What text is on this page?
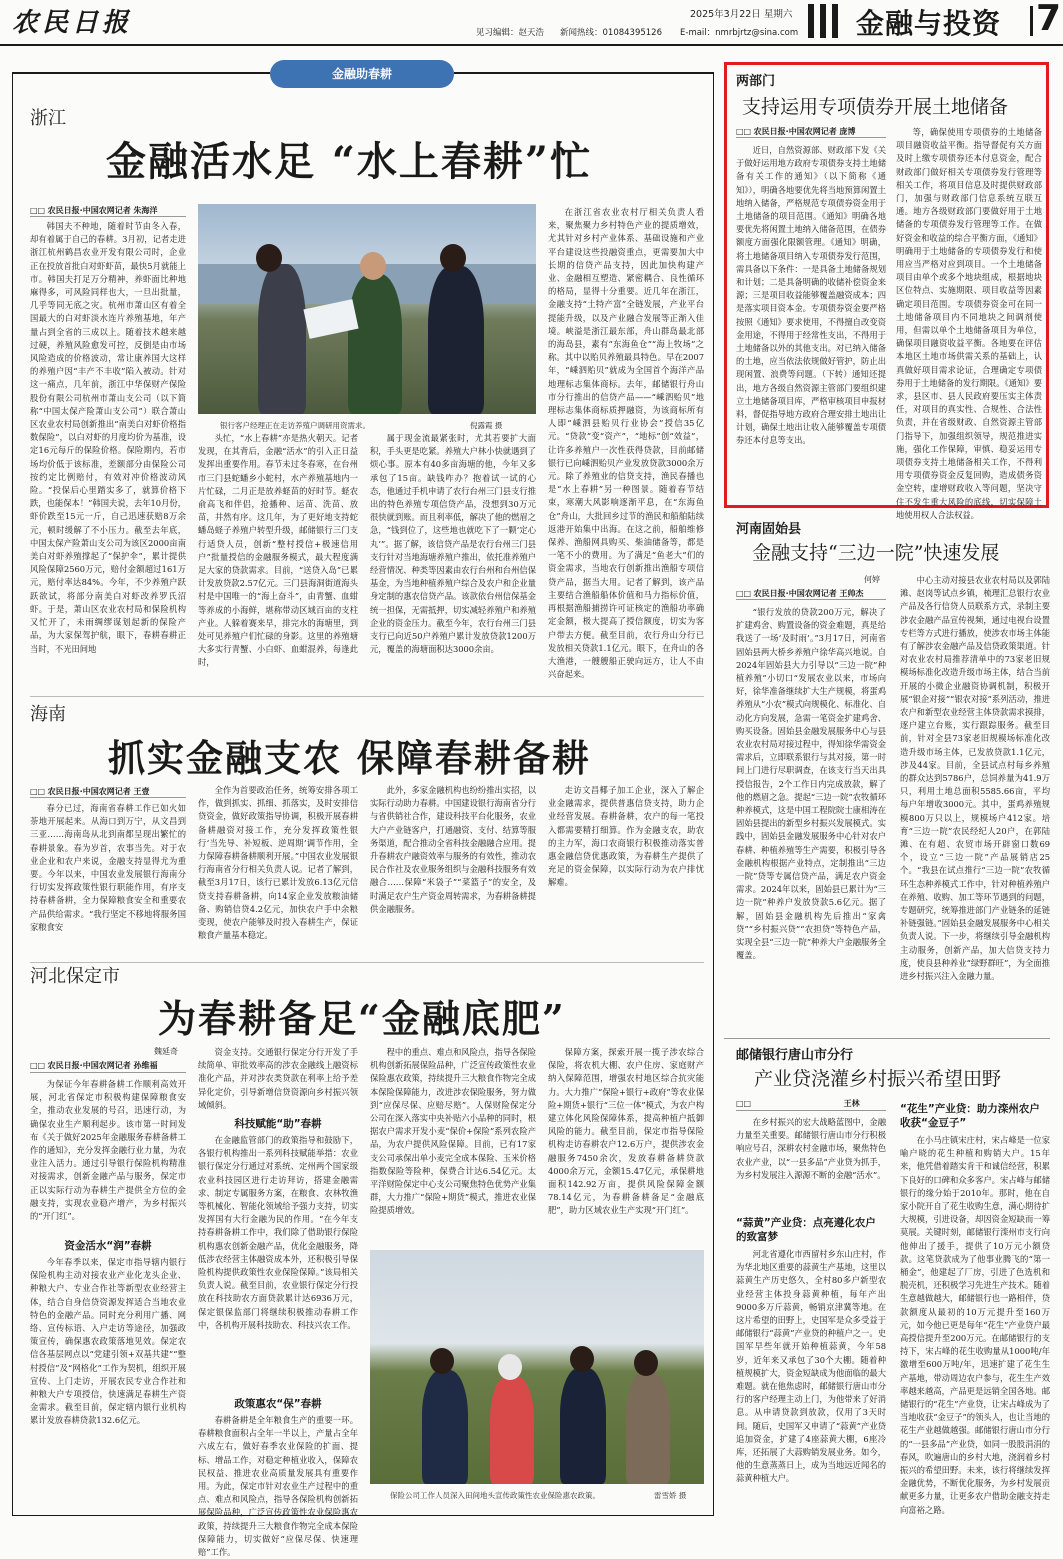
农民日报	2025年3月22日 星期六
见习编辑：赵天浩 新闻热线：01084395126 E-mail：nmrbjrtz@sina.com 金融与投资 7
金融助春耕
浙江
金融活水足 “水上春耕”忙
□□ 农民日报·中国农网记者 朱海洋

韩国夫不种地，随着时节由冬入春，却有着属于自己的春耕。3月初，记者走进浙江杭州鹤昌农业开发有限公司时，企业正在投放首批白对虾虾苗，最快5月就能上市。韩国夫打足万分精神，养虾面比种地麻得多，可风险同样也大，一旦出批量，几乎等同无底之灾。杭州市萧山区有着全国最大的白对虾淡水连片养殖基地，年产量占到全省的三成以上。随着技术越来越过硬，养殖风险愈发可控，反倒是由市场风险造成的价格波动，常让康养国大这样的养殖户因“丰产不丰收”陷入被动。针对这一痛点，几年前，浙江中华保财产保险股份有限公司杭州市萧山支公司（以下简称“中国太保产险萧山支公司”）联合萧山区农业农村局创新推出“南美白对虾价格指数保险”，以白对虾的月度均价为基准，设定16元每斤的保险价格。保险期内，若市场均价低于该标准，差额部分由保险公司按约定比例赔付，有效对冲价格波动风险。“投保后心里踏实多了，就算价格下跌，也能保本！”韩国夫说，去年10月份，虾价跌至15元一斤，自己迅速获赔8万余元，顿时缓解了不小压力。截至去年底，中国太保产险萧山支公司为该区2000亩南美白对虾养殖撑起了“保护伞”，累计提供风险保障2560万元，赔付金额超过161万元，赔付率达84%。今年，不少养殖户跃跃欲试，将部分南美白对虾改养罗氏沼虾。于是，萧山区农业农村局和保险机构又忙开了，未雨绸缪谋划起新的保险产品，为大家保驾护航，眼下，春耕春耕正当时，不光田间地

银行客户经理正在走访养殖户调研用资需求。	倪露霞 摄

头忙，“水上春耕”亦是热火朝天。记者发现，在其背后，金融“活水”的引入正日益发挥出重要作用。春节未过冬春寒，在台州市三门县蛇蟠乡小蛇村，水产养殖基地内一片忙碌，二月正是放养蛏苗的好时节。蛏农俞高飞和伴侣，抢播种、运苗、洗苗、放苗，井然有序。这几年，为了更好地支持蛇蟠岛蛏子养殖户转型升级，邮储银行三门支行适贷人员，创新“整村授信+极速信用户”批量授信的金融服务模式，最大程度满足大家的贷款需求。目前，“送贷入岛”已累计发放贷款2.57亿元。三门县海洞街道海头村是中国唯一的“海上奋斗”，由青蟹、血蚶等养成的小海鲜，堪称带动区域百亩的支柱产业。人躲着赛来早，排完水的海塘里，到处可见养殖户们忙碌的身影。这里的养殖塘大多实行青蟹、小白虾、血蚶混养，每逢此时，

属于现金流最紧张时，尤其若要扩大面积，手头更是吃紧。养殖大户林小快就遇到了烦心事。原本有40多亩海塘的他，今年又多承包了15亩。缺钱咋办？抱着试一试的心态，他通过手机申请了农行台州三门县支行推出的特色养殖专项信贷产品，没想到30万元很快就到账。而且利率低，解决了他的燃眉之急，“钱到位了，这些地也就吃下了一颗‘定心丸’”。据了解，该信贷产品是农行台州三门县支行针对当地海塘养殖户推出，依托准养殖户经营情况、种类等因素由农行台州和台州信保基金，为当地种植养殖户综合及农户和企业量身定制的惠农信贷产品。该款依台州信保基金统一担保，无需抵押，切实减轻养殖户和养殖企业的资金压力。截至今年，农行台州三门县支行已向近50户养殖户累计发放贷款1200万元，覆盖的海塘面积达3000余亩。

在浙江省农业农村厅相关负责人看来，聚焦聚力乡村特色产业的提质增效，尤其针对乡村产业体系、基础设施和产业平台建设这些投融资重点，更需要加大中长期的信贷产品支持，因此加快构建产业、金融相互塑造、紧密耦合、良性循环的格局，显得十分重要。近几年在浙江，金融支持“土特产富”全链发展，产业平台提能升级，以及产业融合发展等正渐入佳境。峡溢是浙江最东部，舟山群岛最北部的海岛县，素有“东海鱼仓”“海上牧场”之称。其中以贻贝养殖最具特色。早在2007年，“嵊泗贻贝”就成为全国首个海洋产品地理标志集体商标。去年，邮储银行舟山市分行推出的信贷产品——“嵊泗贻贝”地理标志集体商标质押融资，为该商标所有人即“嵊泗县贻贝行业协会”授信35亿元。“贷款”变“资产”，“地标”创“效益”，让许多养殖户一次性获得贷款，目前邮储银行已向嵊泗贻贝产业发放贷款3000余万元。除了养殖业的信贷支持，渔民春播也是“水上春耕”另一种图景。随着春节结束，寒潮大风影响逐渐平息，在“东海鱼仓”舟山，大批回乡过节的渔民和船舶陆续返港开始集中出海。在这之前，船舶维修保养、渔船网具购买、柴油储备等，都是一笔不小的费用。为了满足“鱼老大”们的资金需求，当地农行创新推出渔船专项信贷产品，据当大用。记者了解到，该产品主要结合渔船船体价值和马力指标价值，再根据渔船捕捞许可证核定的渔船功率确定金额，极大提高了授信额度，切实为客户带去方便。截至目前，农行舟山分行已发放相关贷款1.1亿元。眼下，在舟山的各大渔港，一艘艘船正驶向远方，让人不由兴奋起来。

海南
抓实金融支农 保障春耕备耕
□□ 农民日报·中国农网记者 王壹

春分已过，海南省春耕工作已如火如荼地开展起来。从海口到万宁，从文昌到三亚……海南岛从北到南都呈现出繁忙的春耕景象。春为岁首，农事当先。对于农业企业和农户来说，金融支持显得尤为重要。今年以来，中国农业发展银行海南分行切实发挥政策性银行职能作用，有序支持春耕备耕，全力保障粮食安全和重要农产品供给需求。“我行坚定不移地将服务国家粮食安

全作为首要政治任务，统筹安排各项工作，做到抓实、抓细、抓落实，及时安排信贷资金，做好政策指导协调，积极开展春耕备耕融资对接工作，充分发挥政策性银行‘当先导、补短板、逆周期’调节作用，全力保障春耕备耕顺利开展。”中国农业发展银行海南省分行相关负责人说。记者了解到，截至3月17日，该行已累计发放6.13亿元信贷支持春耕备耕，向14家企业发放粮油储备、购销信贷4.2亿元，加快农户手中余粮变现，使农户能够及时投入春耕生产，保证粮食产量基本稳定。

此外，多家金融机构也纷纷推出实招，以实际行动助力春耕。中国建设银行海南省分行与省供销社合作，建设科技平台化服务，农业大户产业链客户，打通融资、支付、结算等服务渠道，配合推动全省科技金融融合应用。提升春耕农户融资效率与服务的有效性，推动农民合作社及农业服务组织与金融科技服务有效融合……保障“米袋子”“菜篮子”的安全，及时满足农户生产资金周转需求，为春耕备耕提供金融服务。

走访文昌椰子加工企业，深入了解企业金融需求，提供普惠信贷支持，助力企业经营发展。春耕备耕，农户的每一笔投入都需要精打细算。作为金融支农，助农的主力军，海口农商银行积极推动落实普惠金融信贷优惠政策，为春耕生产提供了充足的资金保障，以实际行动为农户排忧解难。

河北保定市
为春耕备足“金融底肥”
魏延奇
□□ 农民日报·中国农网记者 孙维福

为保证今年春耕备耕工作顺利高效开展，河北省保定市积极构建保障粮食安全，推动农业发展的号召，迅速行动，为确保农业生产顺利起步。该市第一时间发布《关于做好2025年金融服务春耕备耕工作的通知》，充分发挥金融行业力量，为农业注入活力。通过引导银行保险机构精准对接需求，创新金融产品与服务，保定市正以实际行动为春耕生产提供全方位的金融支持，实现农业稳产增产，为乡村振兴的“开门红”。

资金活水“润”春耕

今年春季以来，保定市指导辖内银行保险机构主动对接农业产业化龙头企业、种粮大户、专业合作社等新型农业经营主体，结合自身信贷资源发挥适合当地农业特色的金融产品。同时充分利用广播、网络、宣传标语、入户走访等途径，加强政策宣传，确保惠农政策落地见效。保定农信各基层网点以“党建引领+双基共建”“整村授信”及“网格化”工作为契机，组织开展宣传、上门走访，开展农民专业合作社和种粮大户专项授信，快速满足春耕生产资金需求。截至目前，保定辖内银行业机构累计发放春耕贷款132.6亿元。

资金支持。交通银行保定分行开发了手续简单、审批效率高的涉农金融线上融资标准化产品，并对涉农类贷款在利率上给予差异化定价，引导新增信贷资源向乡村振兴领域倾斜。

科技赋能“助”春耕

在金融监管部门的政策指导和鼓励下，各银行机构推出一系列科技赋能举措：农业银行保定分行通过对系统、定州两个国家级农业科技园区进行走访拜访，搭建金融需求、制定专属服务方案，在粮食、农林牧渔等机械化、智能化领域给予强力支持，切实发挥国有大行金融为民的作用。“在今年支持春耕备耕工作中，我们除了借助银行保险机构惠农创新金融产品，优化金融服务，降低涉农经营主体融资成本外，还积极引导保险机构提供政策性农业保险保障。”该局相关负责人说。截至目前，农业银行保定分行投放在科技助农方面贷款累计达6936万元，保定银保监部门将继续积极推动春耕工作中，各机构开展科技助农、科技兴农工作。

政策惠农“保”春耕

春耕备耕是全年粮食生产的重要一环。春耕粮食面积占全年一半以上，产量占全年六成左右，做好春季农业保险的扩面、提标、增品工作，对稳定种植业收入，保障农民权益、推进农业高质量发展具有重要作用。为此，保定市针对农业生产过程中的重点、难点和风险点，指导各保险机构创新拓展保险品种，广泛宣传政策性农业保险惠农政策，持续提升三大粮食作物完全成本保险保障能力，切实做好“应保尽保、快速理赔”工作。

程中的重点、难点和风险点，指导各保险机构创新拓展保险品种，广泛宣传政策性农业保险惠农政策，持续提升三大粮食作物完全成本保险保障能力，改进涉农保险服务，努力做到“应保尽保、应赔尽赔”。人保财险保定分公司在深入落实中央补贴六小品种的同时，根据农户需求开发小麦“保价+保险”系列农险产品，为农户提供风险保障。目前，已有17家支公司承保出单小麦完全成本保险、玉米价格指数保险等险种，保费合计达6.54亿元。太平洋财险保定中心支公司聚焦特色优势产业集群，大力推广“保险+期货”模式，推进农业保险提质增效。

保障方案，探索开展一揽子涉农综合保险，将农机大棚、农户住房、家庭财产纳入保障范围，增强农村地区综合抗灾能力。大力推广“保险+银行+政府”等农业保险+期货+银行“三位一体”模式，为农户构建立体化风险保障体系，提高种植户抵御风险的能力。截至目前，保定市指导保险机构走访春耕农户12.6万户，提供涉农金融服务7450余次，发放春耕备耕贷款4000余万元，金额15.47亿元，承保耕地面积142.92万亩，提供风险保障金额78.14亿元，为春耕备耕备足“金融底肥”，助力区域农业生产实现“开门红”。

保险公司工作人员深入田间地头宣传政策性农业保险惠农政策。	雷雪娇 摄
两部门
支持运用专项债券开展土地储备
□□ 农民日报·中国农网记者 庞博

近日，自然资源部、财政部下发《关于做好运用地方政府专项债券支持土地储备有关工作的通知》（以下简称《通知》），明确各地要优先将当地预算闲置土地纳入储备，严格规范专项债券资金用于土地储备的项目范围。《通知》明确各地要优先将闲置土地纳入储备范围，在债券额度方面强化限额管理。《通知》明确，将土地储备项目纳入专项债券发行范围，需具备以下条件：一是具备土地储备规划和计划；二是具备明确的收储补偿资金来源；三是项目收益能够覆盖融资成本；四是落实项目资本金。专项债券资金要严格按照《通知》要求使用，不得擅自改变资金用途，不得用于经常性支出，不得用于土地储备以外的其他支出。对已纳入储备的土地，应当依法依规做好管护，防止出现闲置、浪费等问题。（下转）通知还提出，地方各级自然资源主管部门要组织建立土地储备项目库，严格审核项目申报材料，督促指导地方政府合理安排土地出让计划，确保土地出让收入能够覆盖专项债券还本付息等支出。

等，确保使用专项债券的土地储备项目融资收益平衡。指导督促有关方面及时上缴专项债券还本付息资金，配合财政部门做好相关专项债券发行管理等相关工作，将项目信息及时提供财政部门，加强与财政部门信息系统互联互通。地方各级财政部门要做好用于土地储备的专项债券发行管理等工作。在做好资金和收益的综合平衡方面，《通知》明确用于土地储备的专项债券发行和使用应当严格对应到项目。一个土地储备项目由单个或多个地块组成，根据地块区位特点、实施期限、项目收益等因素确定项目范围。专项债券资金可在同一土地储备项目内不同地块之间调剂使用，但需以单个土地储备项目为单位，确保项目融资收益平衡。各地要在评估本地区土地市场供需关系的基础上，认真做好项目需求论证，合理确定专项债券用于土地储备的发行期限。《通知》要求，县区市、县人民政府要压实主体责任，对项目的真实性、合规性、合法性负责，并在省级财政、自然资源主管部门指导下，加强组织领导，规范推进实施，强化工作保障，审慎、稳妥运用专项债券支持土地储备相关工作，不得利用专项债券资金反复回购，造成债务资金空转，虚增财政收入等问题，坚决守住不发生重大风险的底线，切实保障土地使用权人合法权益。

河南固始县
金融支持“三边一院”快速发展
何婷
□□ 农民日报·中国农网记者 王帅杰

“银行发放的贷款200万元，解决了扩建鸡舍、购置设备的资金难题，真是给我送了一场‘及时雨’。”3月17日，河南省固始县两大桥乡养殖户徐华高兴地说。自2024年固始县大力引导以“三边一院”种植养殖”小切口“发展农业以来，市场向好，徐华准备继续扩大生产规模，将蛋鸡养殖从“小农”模式向规模化、标准化、自动化方向发展，急需一笔资金扩建鸡舍、购买设备。固始县金融发展服务中心与县农业农村局对接过程中，得知徐华需资金需求后，立即联系银行与其对接，第一时间上门进行尽职调查，在该支行当天出具授信报告，2个工作日内完成放款，解了他的燃眉之急。提起“三边一院”农牧循环种养模式，这是中国工程院院士康相涛在固始县提出的新型乡村振兴发展模式。实践中，固始县金融发展服务中心针对农户春耕、种植养殖等生产需要，积极引导各金融机构根据产业特点，定制推出“三边一院”贷等专属信贷产品，满足农户资金需求。2024年以来，固始县已累计为“三边一院”种养户发放贷款5.6亿元。据了解，固始县金融机构先后推出“家禽贷”“乡村振兴贷”“农担贷”等特色产品，实现全县“三边一院”种养大户金融服务全覆盖。

中心主动对接县农业农村局以及郭陆滩、赵岗等试点乡镇，梳理汇总银行农业产品及各行信贷人员联系方式，录制主要涉农金融产品宣传视频，通过电视台设置专栏等方式进行播放，使涉农市场主体能有了解涉农金融产品及信贷政策渠道。针对农业农村局推荐清单中的73家老旧规模场标准化改造升级市场主体，结合当前开展的小微企业融资协调机制，积极开展“银企对接”“银农对接”系列活动，推进农户和新型农业经营主体贷款需求摸排，逐户建立台账，实行跟踪服务。截至目前，针对全县73家老旧规模场标准化改造升级市场主体，已发放贷款1.1亿元，涉及44家。目前，全县试点村每乡养殖的群众达到5786户，总饲养量为41.9万只，利用土地总面积5585.66亩，平均每户年增收3000元。其中，蛋鸡养殖规模800万只以上，规模场户412家。培育“三边一院”农民经纪人20户，在郭陆滩、在有超、农贸市场开辟窗口数69个，设立“三边一院”产品展销店25个。“我县在试点推行“三边一院”农牧循环生态种养模式工作中，针对种植养殖户在养殖、收购、加工等环节遇到的问题，专题研究，统筹推进部门产业链条的延链补链强链。”固始县金融发展服务中心相关负责人说。下一步，将继续引导金融机构主动服务，创新产品，加大信贷支持力度，使良县种养业“绿野群旺”，为全面推进乡村振兴注入金融力量。

邮储银行唐山市分行
产业贷浇灌乡村振兴希望田野
□□	王林

在乡村振兴的宏大战略蓝图中，金融力量至关重要。邮储银行唐山市分行积极响应号召，深耕农村金融市场，聚焦特色农业产业，以“一县多品”产业贷为抓手，为乡村发展注入源源不断的金融“活水”。

“蒜黄”产业贷：点亮遵化农户的致富梦

河北省遵化市西留村乡东山庄村，作为华北地区重要的蒜黄生产基地，这里以蒜黄生产历史悠久，全村80多户新型农业经营主体投身蒜黄种植，每年产出9000多万斤蒜黄，畅销京津冀等地。在这片希望的田野上，史国军是众多受益于邮储银行“蒜黄”产业贷的种植户之一。史国军早些年就开始种植蒜黄，今年58岁，近年来又承包了30个大棚。随着种植规模扩大，资金短缺成为他面临的最大难题。就在他焦虑时，邮储银行唐山市分行的客户经理主动上门，为他带来了好消息。从申请贷款到放款，仅用了3天时间。随后，史国军又申请了“蒜黄”产业贷追加资金，扩建了4座蒜黄大棚，6座冷库，还拓展了大蒜购销发展业务。如今，他的生意蒸蒸日上，成为当地远近闻名的蒜黄种植大户。

“花生”产业贷：助力滦州农户收获“金豆子”

在小马庄镇宋庄村，宋占峰是一位家喻户晓的花生种植和购销大户。15年来，他凭借着踏实肯干和诚信经营，积累下良好的口碑和众多客户。宋占峰与邮储银行的缘分始于2010年。那时，他在自家小院开自了花生收购生意，满心期待扩大规模，引进设备，却因资金短缺而一筹莫展。关键时刻，邮储银行滦州市支行向他伸出了援手，提供了10万元小额贷款。这笔贷款成为了他事业腾飞的“第一桶金”，他建起了厂房，引进了色选机和脱壳机，还积极学习先进生产技术。随着生意越做越大，邮储银行也一路相伴，贷款额度从最初的10万元提升至160万元，如今他已更是每年“花生”产业贷户最高授信提升至200万元。在邮储银行的支持下，宋占峰的花生收购量从1000吨/年激增至600万吨/年，迅速扩建了花生生产基地，带动周边农户参与，花生生产效率越来越高，产品更是远销全国各地。邮储银行的“花生”产业贷，让宋占峰成为了当地收获“金豆子”的领头人，也让当地的花生产业越做越强。邮储银行唐山市分行的“一县多品”产业贷，如同一股股涓涓的春风，吹遍唐山的乡村大地，浇润着乡村振兴的希望田野。未来，该行将继续发挥金融优势，不断优化服务，为乡村发展贡献更多力量，让更多农户借助金融支持走向富裕之路。
